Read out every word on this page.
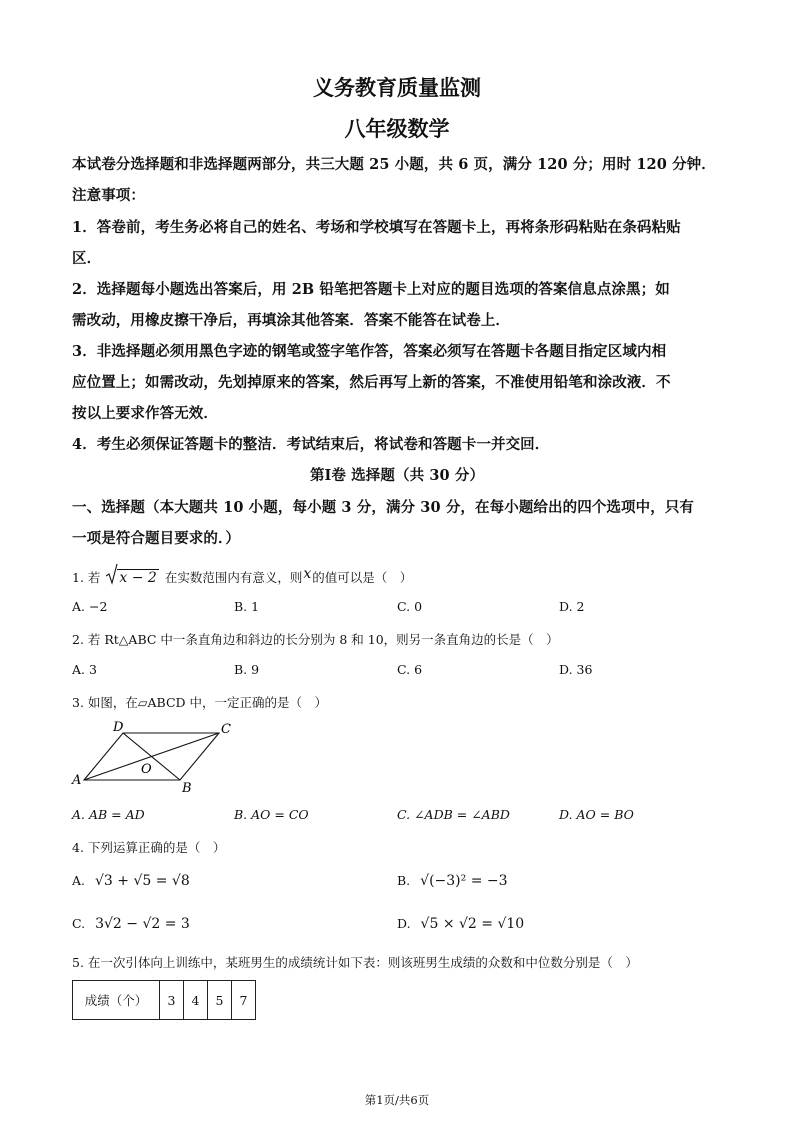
义务教育质量监测
八年级数学
本试卷分选择题和非选择题两部分，共三大题 25 小题，共 6 页，满分 120 分；用时 120 分钟．
注意事项：
1．答卷前，考生务必将自己的姓名、考场和学校填写在答题卡上，再将条形码粘贴在条码粘贴
区．
2．选择题每小题选出答案后，用 2B 铅笔把答题卡上对应的题目选项的答案信息点涂黑；如
需改动，用橡皮擦干净后，再填涂其他答案．答案不能答在试卷上．
3．非选择题必须用黑色字迹的钢笔或签字笔作答，答案必须写在答题卡各题目指定区域内相
应位置上；如需改动，先划掉原来的答案，然后再写上新的答案，不准使用铅笔和涂改液．不
按以上要求作答无效．
4．考生必须保证答题卡的整洁．考试结束后，将试卷和答题卡一并交回．
第Ⅰ卷 选择题（共 30 分）
一、选择题（本大题共 10 小题，每小题 3 分，满分 30 分，在每小题给出的四个选项中，只有
一项是符合题目要求的．）
1. 若 x − 2 在实数范围内有意义，则x的值可以是（　）
A. −2	B. 1	C. 0	D. 2
2. 若 Rt△ABC 中一条直角边和斜边的长分别为 8 和 10，则另一条直角边的长是（　）
A. 3	B. 9	C. 6	D. 36
3. 如图，在▱ABCD 中，一定正确的是（　）
A
B
C
D
O
A. AB = AD	B. AO = CO	C. ∠ADB = ∠ABD	D. AO = BO
4. 下列运算正确的是（　）
A. √3 + √5 = √8	B. √(−3)² = −3
C. 3√2 − √2 = 3	D. √5 × √2 = √10
5. 在一次引体向上训练中，某班男生的成绩统计如下表：则该班男生成绩的众数和中位数分别是（　）
成绩（个）	3	4	5	7
第1页/共6页
